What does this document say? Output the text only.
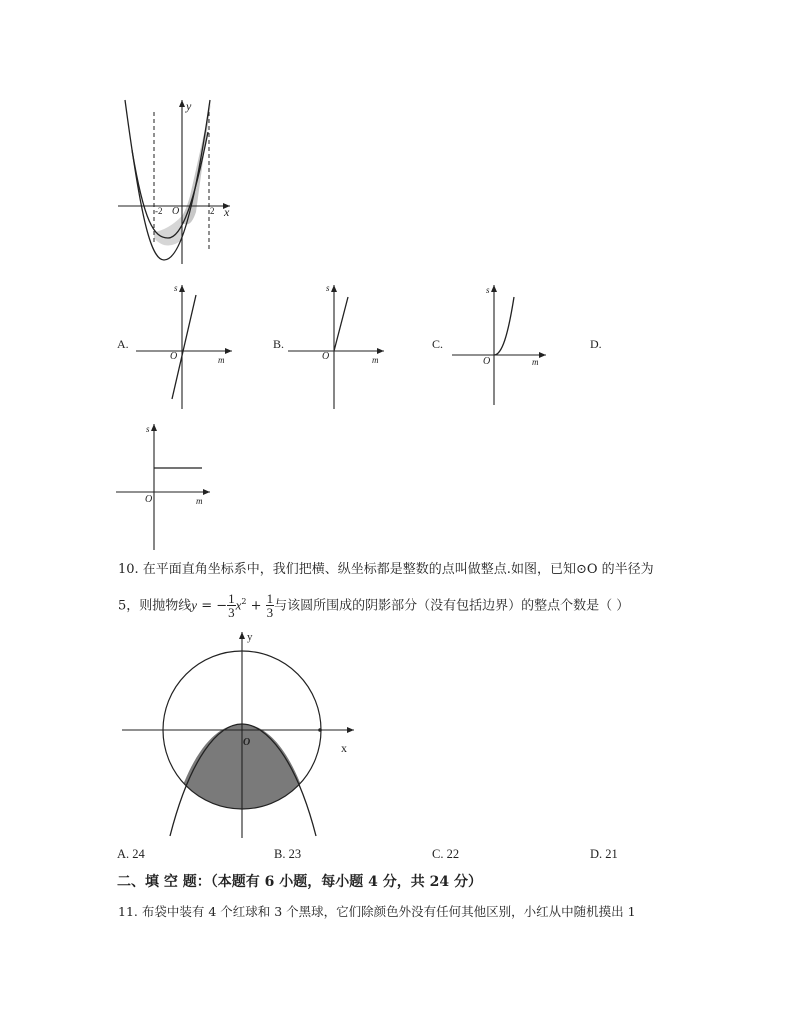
y
x
O
-2	2
A.
s
m
O
B.
s
m
O
C.
s
m
O
D.
s
m
O
10. 在平面直角坐标系中，我们把横、纵坐标都是整数的点叫做整点.如图，已知⊙O 的半径为
5，则抛物线y = − $\frac{1}{3} x^2 + \frac{1}{3}$ 与该圆所围成的阴影部分（没有包括边界）的整点个数是（ ）
y
x
O
A. 24	B. 23	C. 22	D. 21
二、填 空 题：（本题有 6 小题，每小题 4 分，共 24 分）
11. 布袋中装有 4 个红球和 3 个黑球，它们除颜色外没有任何其他区别，小红从中随机摸出 1
